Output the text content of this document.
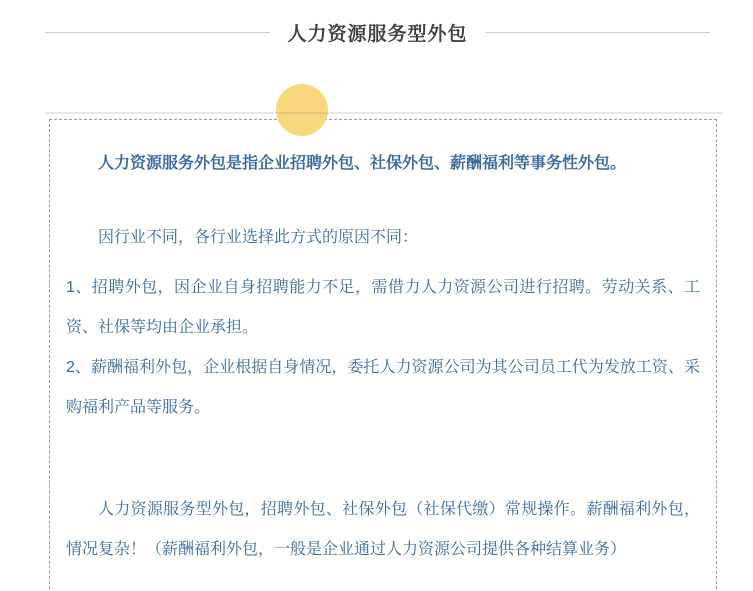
人力资源服务型外包

人力资源服务外包是指企业招聘外包、社保外包、薪酬福利等事务性外包。

因行业不同，各行业选择此方式的原因不同：

1、招聘外包，因企业自身招聘能力不足，需借力人力资源公司进行招聘。劳动关系、工资、社保等均由企业承担。

2、薪酬福利外包，企业根据自身情况，委托人力资源公司为其公司员工代为发放工资、采购福利产品等服务。

人力资源服务型外包，招聘外包、社保外包（社保代缴）常规操作。薪酬福利外包，情况复杂！（薪酬福利外包，一般是企业通过人力资源公司提供各种结算业务）
